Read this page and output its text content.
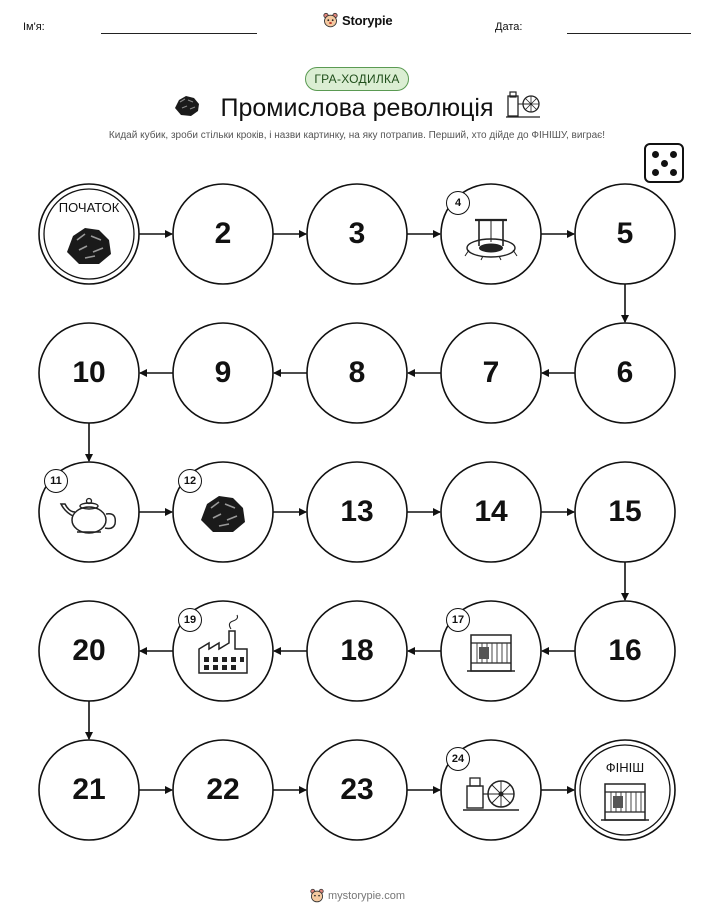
Ім'я:	Storypie	Дата:
ГРА-ХОДИЛКА
Промислова революція
Кидай кубик, зроби стільки кроків, і назви картинку, на яку потрапив. Перший, хто дійде до ФІНІШУ, виграє!
ПОЧАТОК
2	3
4
5
6
7
8
9
10
11	12
13	14	15
16
17
18
19
20
21	22	23
24
ФІНІШ
mystorypie.com
